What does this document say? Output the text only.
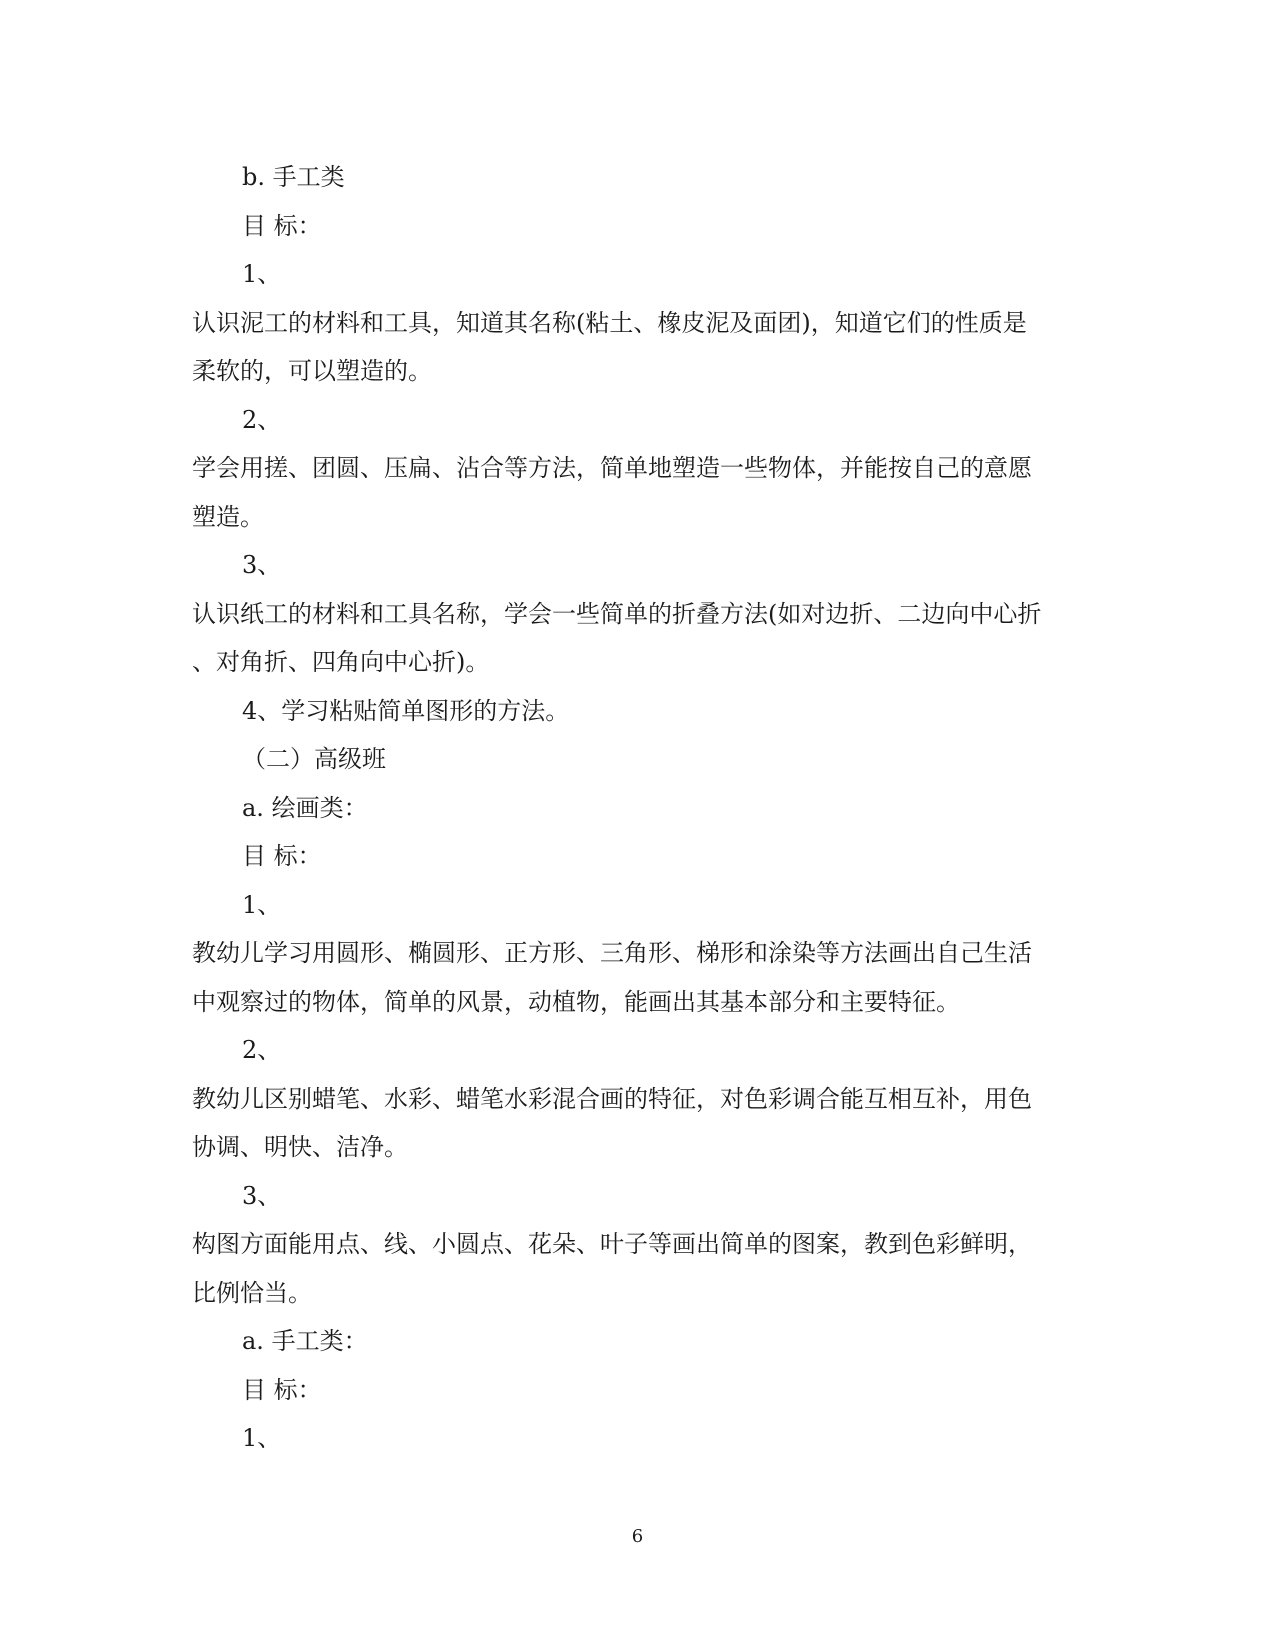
b. 手工类
目 标：
1、
认识泥工的材料和工具，知道其名称(粘土、橡皮泥及面团)，知道它们的性质是
柔软的，可以塑造的。
2、
学会用搓、团圆、压扁、沾合等方法，简单地塑造一些物体，并能按自己的意愿
塑造。
3、
认识纸工的材料和工具名称，学会一些简单的折叠方法(如对边折、二边向中心折
、对角折、四角向中心折)。
4、学习粘贴简单图形的方法。
（二）高级班
a. 绘画类：
目 标：
1、
教幼儿学习用圆形、椭圆形、正方形、三角形、梯形和涂染等方法画出自己生活
中观察过的物体，简单的风景，动植物，能画出其基本部分和主要特征。
2、
教幼儿区别蜡笔、水彩、蜡笔水彩混合画的特征，对色彩调合能互相互补，用色
协调、明快、洁净。
3、
构图方面能用点、线、小圆点、花朵、叶子等画出简单的图案，教到色彩鲜明，
比例恰当。
a. 手工类：
目 标：
1、
6
